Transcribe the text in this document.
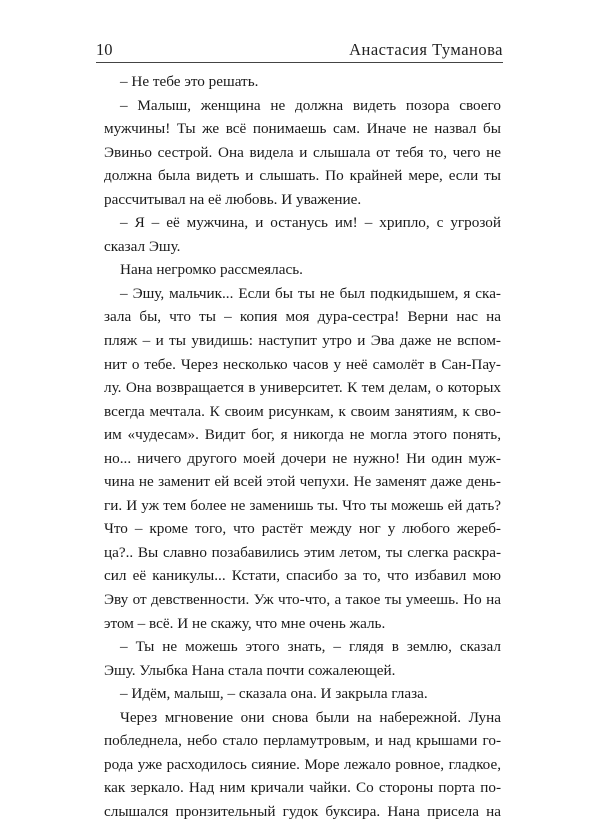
10	Анастасия Туманова
– Не тебе это решать.
– Малыш, женщина не должна видеть позора своего
мужчины! Ты же всё понимаешь сам. Иначе не назвал бы
Эвиньо сестрой. Она видела и слышала от тебя то, чего не
должна была видеть и слышать. По крайней мере, если ты
рассчитывал на её любовь. И уважение.
– Я – её мужчина, и останусь им! – хрипло, с угрозой
сказал Эшу.
Нана негромко рассмеялась.
– Эшу, мальчик... Если бы ты не был подкидышем, я ска-
зала бы, что ты – копия моя дура-сестра! Верни нас на
пляж – и ты увидишь: наступит утро и Эва даже не вспом-
нит о тебе. Через несколько часов у неё самолёт в Сан-Пау-
лу. Она возвращается в университет. К тем делам, о которых
всегда мечтала. К своим рисункам, к своим занятиям, к сво-
им «чудесам». Видит бог, я никогда не могла этого понять,
но... ничего другого моей дочери не нужно! Ни один муж-
чина не заменит ей всей этой чепухи. Не заменят даже день-
ги. И уж тем более не заменишь ты. Что ты можешь ей дать?
Что – кроме того, что растёт между ног у любого жереб-
ца?.. Вы славно позабавились этим летом, ты слегка раскра-
сил её каникулы... Кстати, спасибо за то, что избавил мою
Эву от девственности. Уж что-что, а такое ты умеешь. Но на
этом – всё. И не скажу, что мне очень жаль.
– Ты не можешь этого знать, – глядя в землю, сказал
Эшу. Улыбка Нана стала почти сожалеющей.
– Идём, малыш, – сказала она. И закрыла глаза.
Через мгновение они снова были на набережной. Луна
побледнела, небо стало перламутровым, и над крышами го-
рода уже расходилось сияние. Море лежало ровное, гладкое,
как зеркало. Над ним кричали чайки. Со стороны порта по-
слышался пронзительный гудок буксира. Нана присела на
